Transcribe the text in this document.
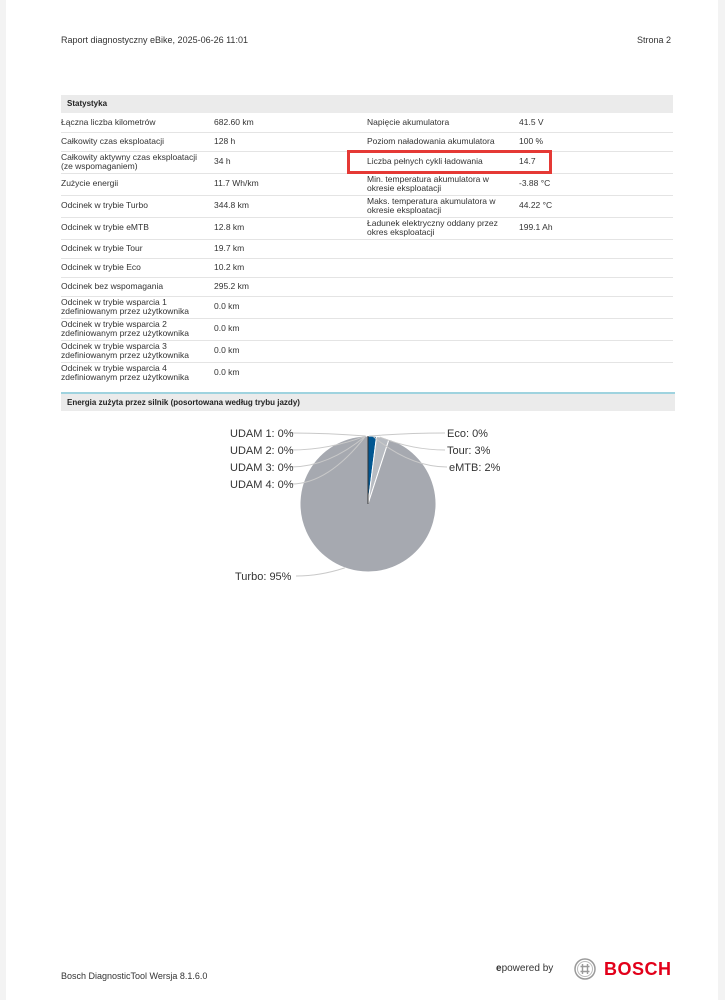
Raport diagnostyczny eBike, 2025-06-26 11:01	Strona 2
Statystyka
Łączna liczba kilometrów	682.60 km	Napięcie akumulatora	41.5 V
Całkowity czas eksploatacji	128 h	Poziom naładowania akumulatora	100 %
Całkowity aktywny czas eksploatacji (ze wspomaganiem)	34 h	Liczba pełnych cykli ładowania	14.7
Zużycie energii	11.7 Wh/km	Min. temperatura akumulatora w okresie eksploatacji	-3.88 °C
Odcinek w trybie Turbo	344.8 km	Maks. temperatura akumulatora w okresie eksploatacji	44.22 °C
Odcinek w trybie eMTB	12.8 km	Ładunek elektryczny oddany przez okres eksploatacji	199.1 Ah
Odcinek w trybie Tour	19.7 km
Odcinek w trybie Eco	10.2 km
Odcinek bez wspomagania	295.2 km
Odcinek w trybie wsparcia 1 zdefiniowanym przez użytkownika	0.0 km
Odcinek w trybie wsparcia 2 zdefiniowanym przez użytkownika	0.0 km
Odcinek w trybie wsparcia 3 zdefiniowanym przez użytkownika	0.0 km
Odcinek w trybie wsparcia 4 zdefiniowanym przez użytkownika	0.0 km
Energia zużyta przez silnik (posortowana według trybu jazdy)
Turbo: 95%
eMTB: 2%
Tour: 3%
Eco: 0%
UDAM 1: 0%
UDAM 2: 0%
UDAM 3: 0%
UDAM 4: 0%
Bosch DiagnosticTool Wersja 8.1.6.0
epowered by	BOSCH
